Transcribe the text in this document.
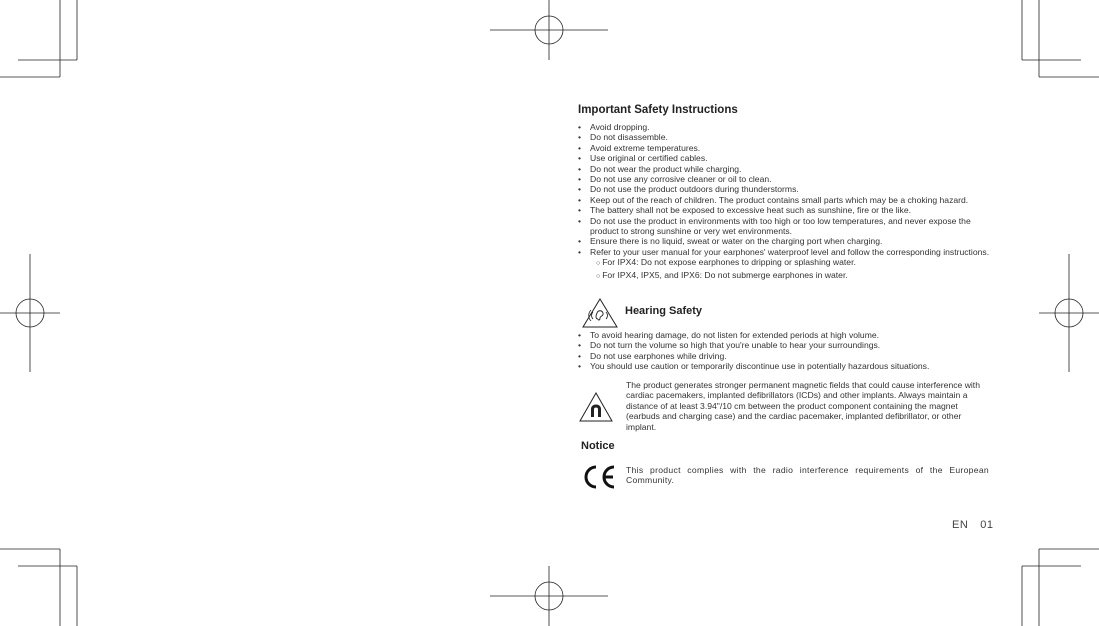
Important Safety Instructions
• Avoid dropping.
• Do not disassemble.
• Avoid extreme temperatures.
• Use original or certified cables.
• Do not wear the product while charging.
• Do not use any corrosive cleaner or oil to clean.
• Do not use the product outdoors during thunderstorms.
• Keep out of the reach of children. The product contains small parts which may be a choking hazard.
• The battery shall not be exposed to excessive heat such as sunshine, fire or the like.
• Do not use the product in environments with too high or too low temperatures, and never expose the product to strong sunshine or very wet environments.
• Ensure there is no liquid, sweat or water on the charging port when charging.
• Refer to your user manual for your earphones' waterproof level and follow the corresponding instructions.
○ For IPX4: Do not expose earphones to dripping or splashing water.
○ For IPX4, IPX5, and IPX6: Do not submerge earphones in water.
Hearing Safety
• To avoid hearing damage, do not listen for extended periods at high volume.
• Do not turn the volume so high that you're unable to hear your surroundings.
• Do not use earphones while driving.
• You should use caution or temporarily discontinue use in potentially hazardous situations.
The product generates stronger permanent magnetic fields that could cause interference with cardiac pacemakers, implanted defibrillators (ICDs) and other implants. Always maintain a distance of at least 3.94"/10 cm between the product component containing the magnet (earbuds and charging case) and the cardiac pacemaker, implanted defibrillator, or other implant.
Notice
This product complies with the radio interference requirements of the European Community.
EN 01
